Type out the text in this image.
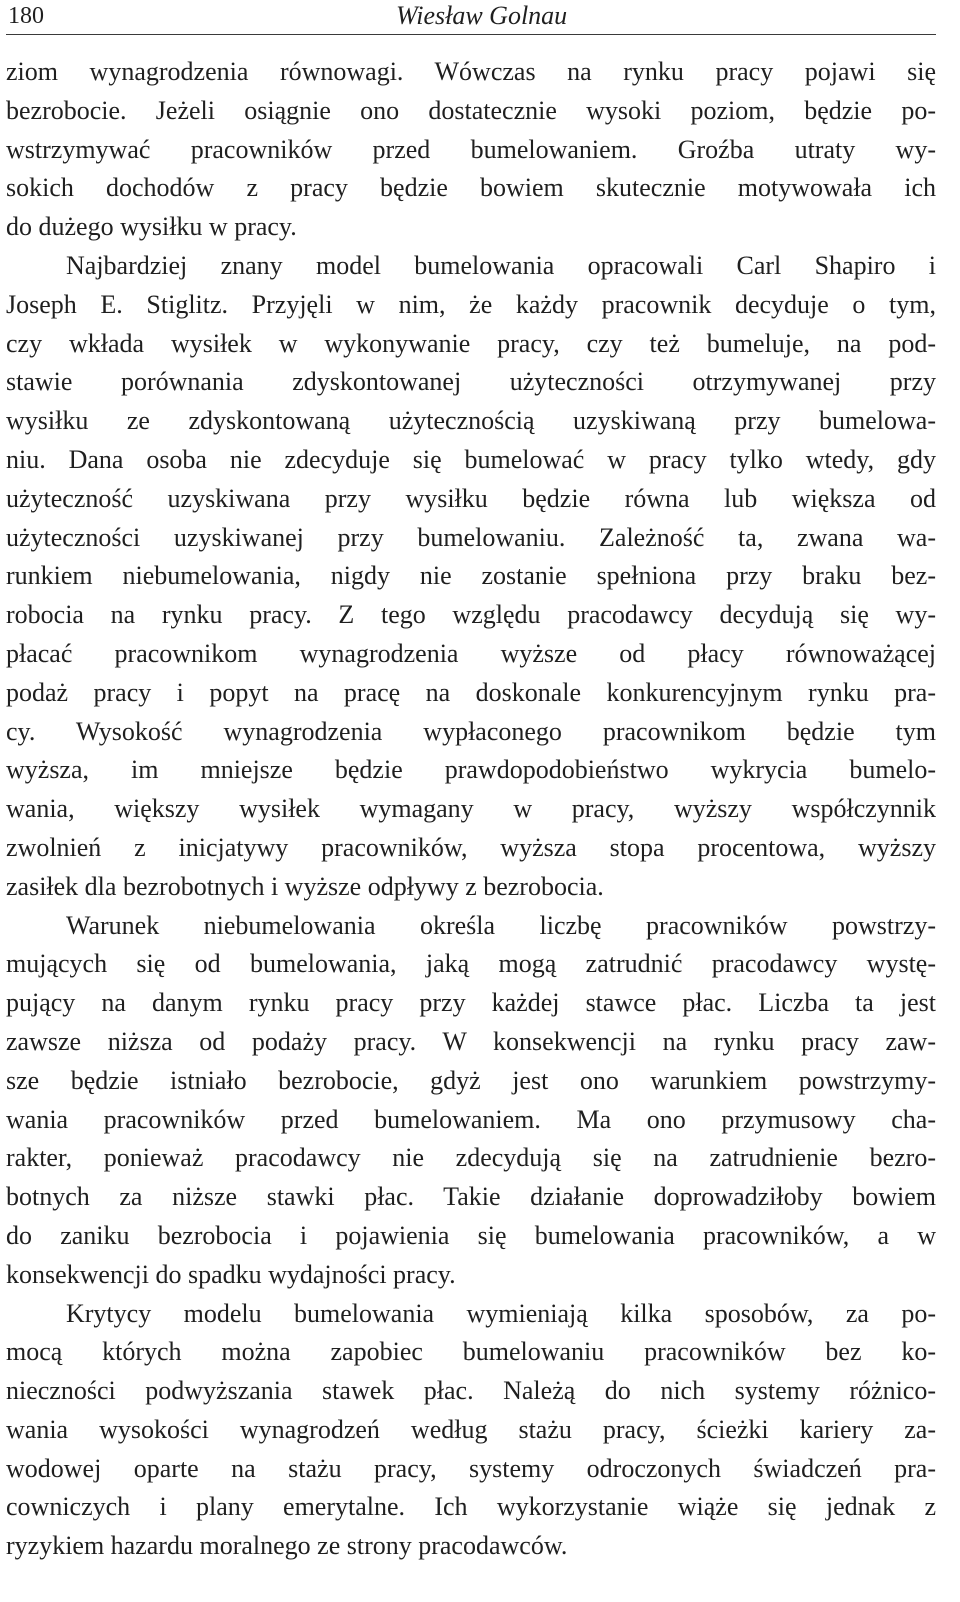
180	Wiesław Golnau
ziom wynagrodzenia równowagi. Wówczas na rynku pracy pojawi się
bezrobocie. Jeżeli osiągnie ono dostatecznie wysoki poziom, będzie po-
wstrzymywać pracowników przed bumelowaniem. Groźba utraty wy-
sokich dochodów z pracy będzie bowiem skutecznie motywowała ich
do dużego wysiłku w pracy.
Najbardziej znany model bumelowania opracowali Carl Shapiro i
Joseph E. Stiglitz. Przyjęli w nim, że każdy pracownik decyduje o tym,
czy wkłada wysiłek w wykonywanie pracy, czy też bumeluje, na pod-
stawie porównania zdyskontowanej użyteczności otrzymywanej przy
wysiłku ze zdyskontowaną użytecznością uzyskiwaną przy bumelowa-
niu. Dana osoba nie zdecyduje się bumelować w pracy tylko wtedy, gdy
użyteczność uzyskiwana przy wysiłku będzie równa lub większa od
użyteczności uzyskiwanej przy bumelowaniu. Zależność ta, zwana wa-
runkiem niebumelowania, nigdy nie zostanie spełniona przy braku bez-
robocia na rynku pracy. Z tego względu pracodawcy decydują się wy-
płacać pracownikom wynagrodzenia wyższe od płacy równoważącej
podaż pracy i popyt na pracę na doskonale konkurencyjnym rynku pra-
cy. Wysokość wynagrodzenia wypłaconego pracownikom będzie tym
wyższa, im mniejsze będzie prawdopodobieństwo wykrycia bumelo-
wania, większy wysiłek wymagany w pracy, wyższy współczynnik
zwolnień z inicjatywy pracowników, wyższa stopa procentowa, wyższy
zasiłek dla bezrobotnych i wyższe odpływy z bezrobocia.
Warunek niebumelowania określa liczbę pracowników powstrzy-
mujących się od bumelowania, jaką mogą zatrudnić pracodawcy wystę-
pujący na danym rynku pracy przy każdej stawce płac. Liczba ta jest
zawsze niższa od podaży pracy. W konsekwencji na rynku pracy zaw-
sze będzie istniało bezrobocie, gdyż jest ono warunkiem powstrzymy-
wania pracowników przed bumelowaniem. Ma ono przymusowy cha-
rakter, ponieważ pracodawcy nie zdecydują się na zatrudnienie bezro-
botnych za niższe stawki płac. Takie działanie doprowadziłoby bowiem
do zaniku bezrobocia i pojawienia się bumelowania pracowników, a w
konsekwencji do spadku wydajności pracy.
Krytycy modelu bumelowania wymieniają kilka sposobów, za po-
mocą których można zapobiec bumelowaniu pracowników bez ko-
nieczności podwyższania stawek płac. Należą do nich systemy różnico-
wania wysokości wynagrodzeń według stażu pracy, ścieżki kariery za-
wodowej oparte na stażu pracy, systemy odroczonych świadczeń pra-
cowniczych i plany emerytalne. Ich wykorzystanie wiąże się jednak z
ryzykiem hazardu moralnego ze strony pracodawców.
